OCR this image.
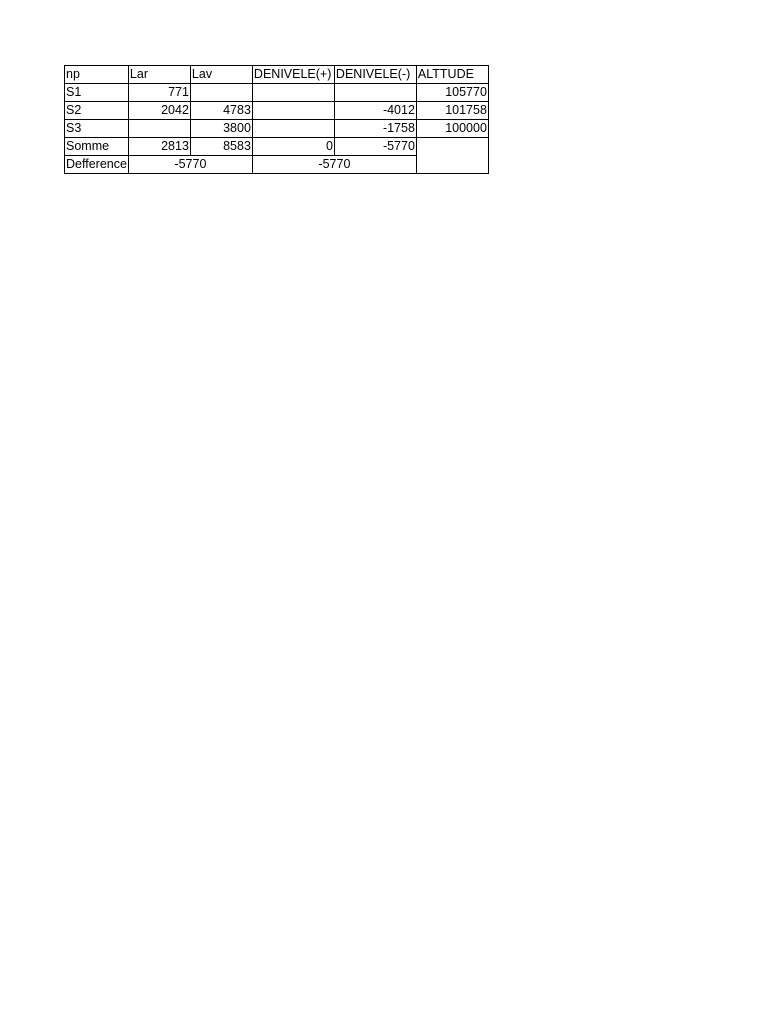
np	Lar	Lav	DENIVELE(+)	DENIVELE(-)	ALTTUDE
S1	771				105770
S2	2042	4783		-4012	101758
S3		3800		-1758	100000
Somme	2813	8583	0	-5770	
Defference	-5770		-5770		
